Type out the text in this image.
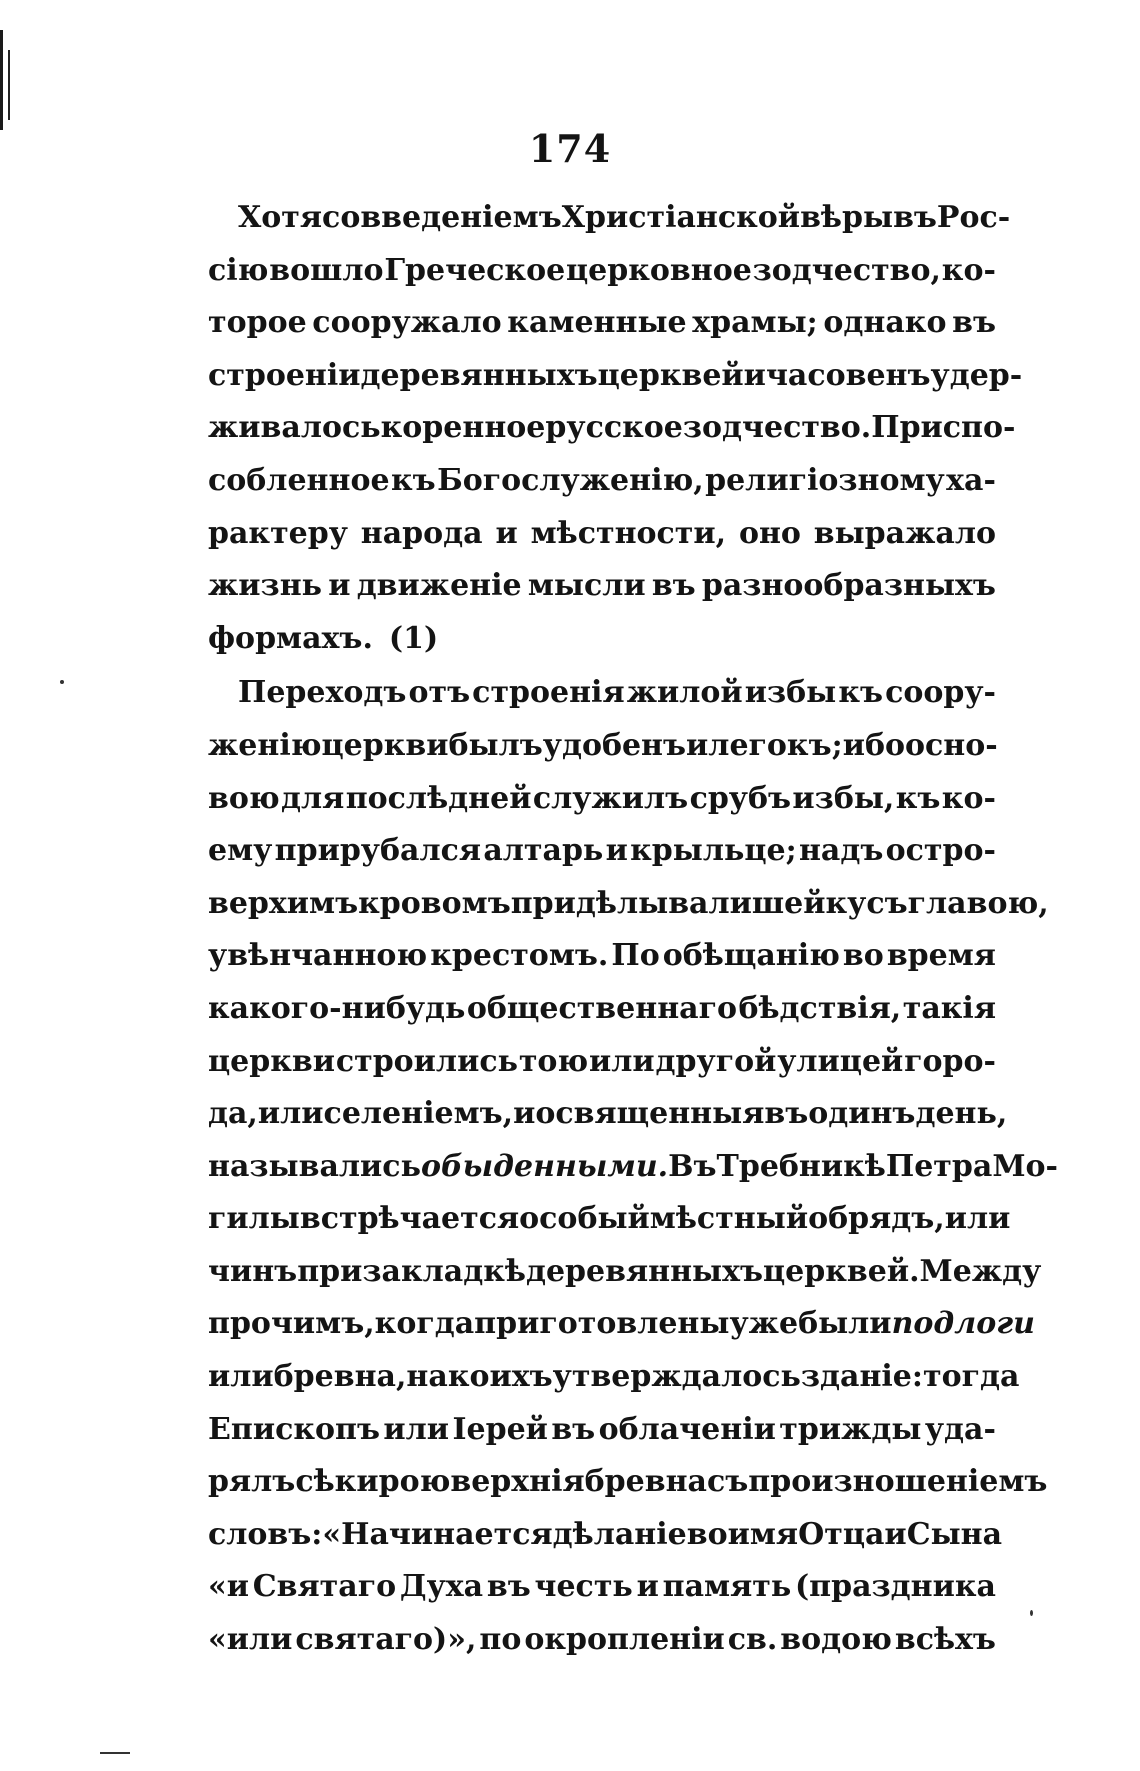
174
Хотя со введенiемъ Христiанской вѣры въ Рос-
сiю вошло Греческое церковное зодчество, ко-
торое сооружало каменные храмы; однако въ
строенiи деревянныхъ церквей и часовенъ удер-
живалось коренное русское зодчество. Приспо-
собленное къ Богослуженiю, религiозному ха-
рактеру народа и мѣстности, оно выражало
жизнь и движенiе мысли въ разнообразныхъ
формахъ. (1)
Переходъ отъ строенiя жилой избы къ соору-
женiю церкви былъ удобенъ и легокъ; ибо осно-
вою для послѣдней служилъ срубъ избы, къ ко-
ему прирубался алтарь и крыльце; надъ остро-
верхимъ кровомъ придѣлывали шейку съ главою,
увѣнчанною крестомъ. По обѣщанiю во время
какого-нибудь общественнаго бѣдствiя, такiя
церкви строились тою или другой улицей горо-
да, или селенiемъ, и освященныя въ одинъ день,
назывались обыденными. Въ Требникѣ Петра Мо-
гилы встрѣчается особый мѣстный обрядъ, или
чинъ при закладкѣ деревянныхъ церквей. Между
прочимъ, когда приготовлены уже были подлоги
или бревна, на коихъ утверждалось зданiе: тогда
Епископъ или Iерей въ облаченiи трижды уда-
рялъ сѣкирою верхнiя бревна съ произношенiемъ
словъ: «Начинается дѣланiе во имя Отца и Сына
«и Святаго Духа въ честь и память (праздника
«или святаго)», по окропленiи св. водою всѣхъ
